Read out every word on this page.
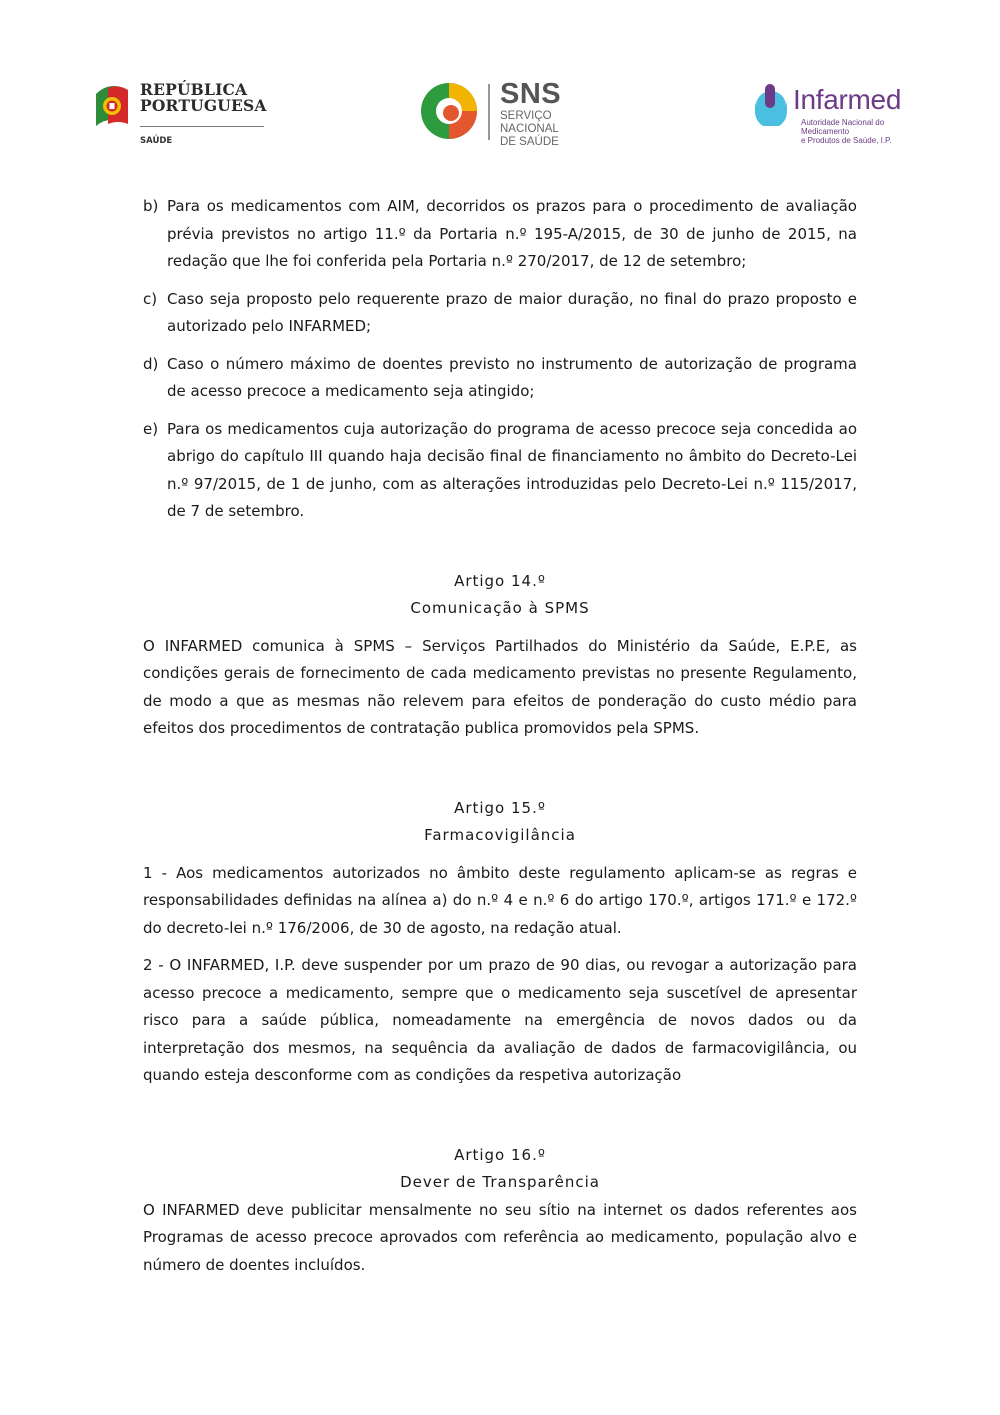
REPÚBLICA
PORTUGUESA
SAÚDE
SNS
SERVIÇO NACIONAL
DE SAÚDE
Infarmed
Autoridade Nacional do Medicamento
e Produtos de Saúde, I.P.
b) Para os medicamentos com AIM, decorridos os prazos para o procedimento de avaliação prévia previstos no artigo 11.º da Portaria n.º 195-A/2015, de 30 de junho de 2015, na redação que lhe foi conferida pela Portaria n.º 270/2017, de 12 de setembro;
c) Caso seja proposto pelo requerente prazo de maior duração, no final do prazo proposto e autorizado pelo INFARMED;
d) Caso o número máximo de doentes previsto no instrumento de autorização de programa de acesso precoce a medicamento seja atingido;
e) Para os medicamentos cuja autorização do programa de acesso precoce seja concedida ao abrigo do capítulo III quando haja decisão final de financiamento no âmbito do Decreto-Lei n.º 97/2015, de 1 de junho, com as alterações introduzidas pelo Decreto-Lei n.º 115/2017, de 7 de setembro.
Artigo 14.º
Comunicação à SPMS
O INFARMED comunica à SPMS – Serviços Partilhados do Ministério da Saúde, E.P.E, as condições gerais de fornecimento de cada medicamento previstas no presente Regulamento, de modo a que as mesmas não relevem para efeitos de ponderação do custo médio para efeitos dos procedimentos de contratação publica promovidos pela SPMS.
Artigo 15.º
Farmacovigilância
1 - Aos medicamentos autorizados no âmbito deste regulamento aplicam-se as regras e responsabilidades definidas na alínea a) do n.º 4 e n.º 6 do artigo 170.º, artigos 171.º e 172.º do decreto-lei n.º 176/2006, de 30 de agosto, na redação atual.
2 - O INFARMED, I.P. deve suspender por um prazo de 90 dias, ou revogar a autorização para acesso precoce a medicamento, sempre que o medicamento seja suscetível de apresentar risco para a saúde pública, nomeadamente na emergência de novos dados ou da interpretação dos mesmos, na sequência da avaliação de dados de farmacovigilância, ou quando esteja desconforme com as condições da respetiva autorização
Artigo 16.º
Dever de Transparência
O INFARMED deve publicitar mensalmente no seu sítio na internet os dados referentes aos Programas de acesso precoce aprovados com referência ao medicamento, população alvo e número de doentes incluídos.
